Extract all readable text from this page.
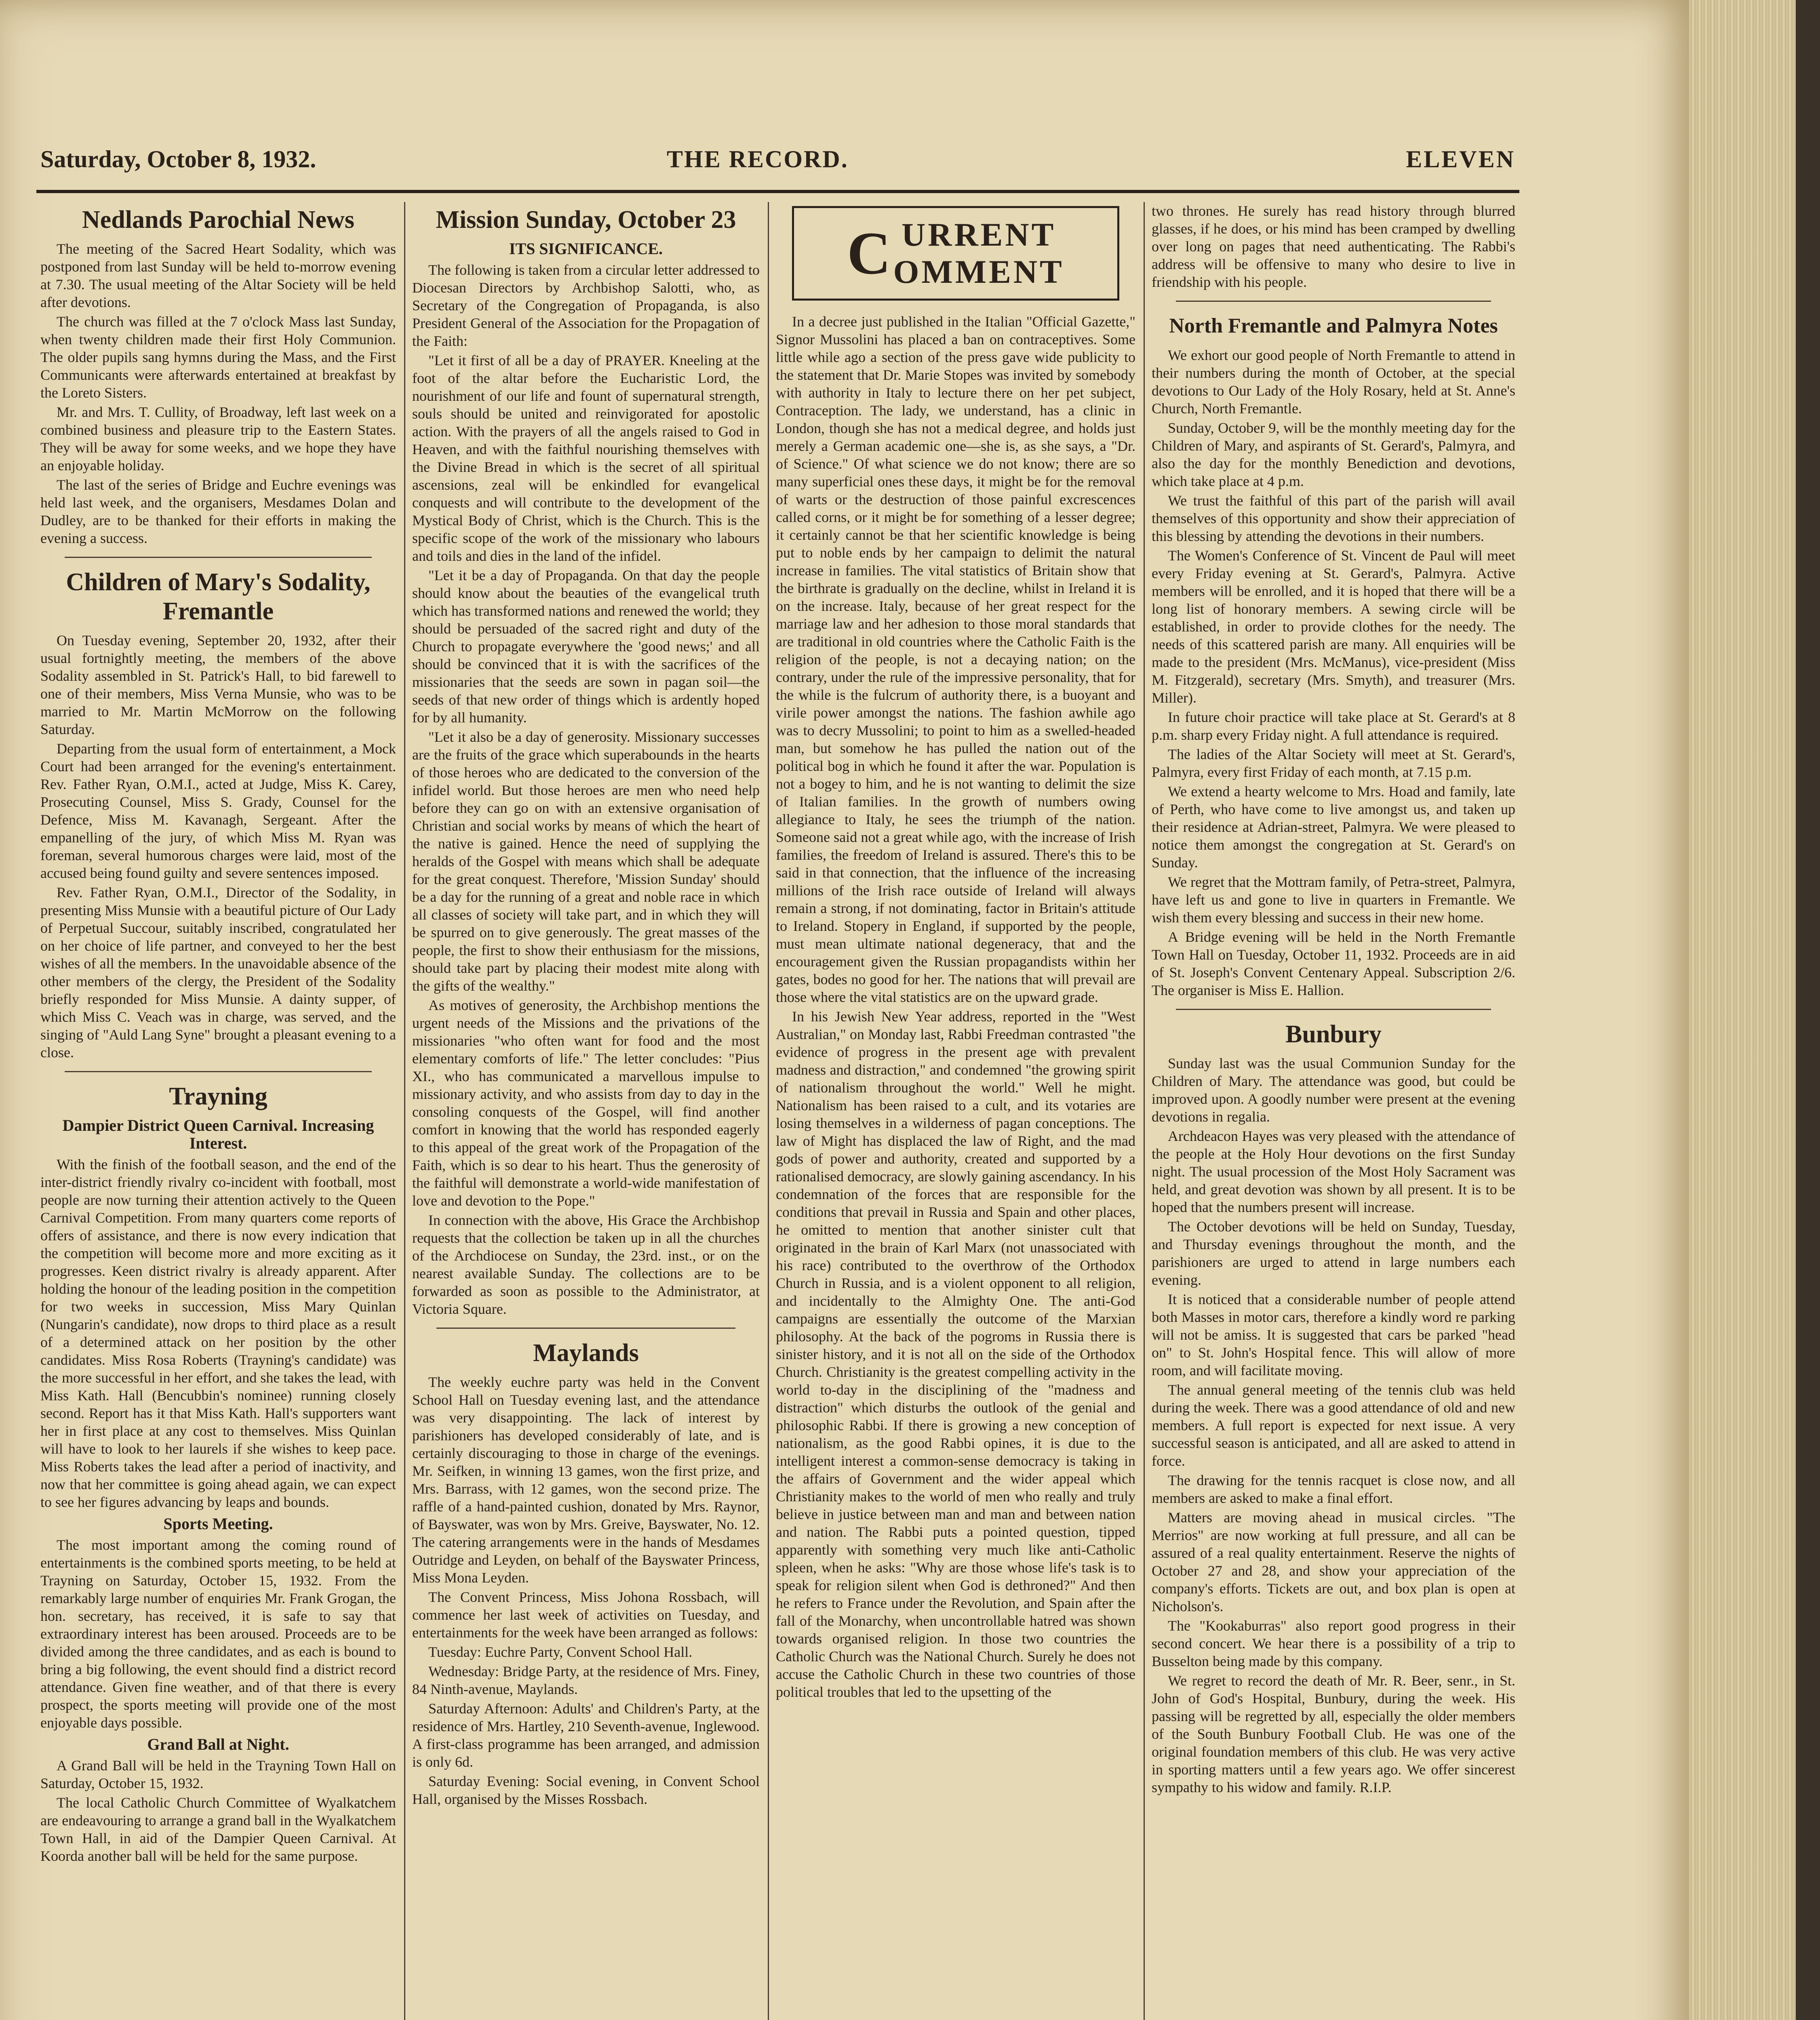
Saturday, October 8, 1932.	THE RECORD.	ELEVEN
Nedlands Parochial News

The meeting of the Sacred Heart Sodality, which was postponed from last Sunday will be held to-morrow evening at 7.30. The usual meeting of the Altar Society will be held after devotions.

The church was filled at the 7 o'clock Mass last Sunday, when twenty children made their first Holy Communion. The older pupils sang hymns during the Mass, and the First Communicants were afterwards entertained at breakfast by the Loreto Sisters.

Mr. and Mrs. T. Cullity, of Broadway, left last week on a combined business and pleasure trip to the Eastern States. They will be away for some weeks, and we hope they have an enjoyable holiday.

The last of the series of Bridge and Euchre evenings was held last week, and the organisers, Mesdames Dolan and Dudley, are to be thanked for their efforts in making the evening a success.

Children of Mary's Sodality, Fremantle

On Tuesday evening, September 20, 1932, after their usual fortnightly meeting, the members of the above Sodality assembled in St. Patrick's Hall, to bid farewell to one of their members, Miss Verna Munsie, who was to be married to Mr. Martin McMorrow on the following Saturday.

Departing from the usual form of entertainment, a Mock Court had been arranged for the evening's entertainment. Rev. Father Ryan, O.M.I., acted at Judge, Miss K. Carey, Prosecuting Counsel, Miss S. Grady, Counsel for the Defence, Miss M. Kavanagh, Sergeant. After the empanelling of the jury, of which Miss M. Ryan was foreman, several humorous charges were laid, most of the accused being found guilty and severe sentences imposed.

Rev. Father Ryan, O.M.I., Director of the Sodality, in presenting Miss Munsie with a beautiful picture of Our Lady of Perpetual Succour, suitably inscribed, congratulated her on her choice of life partner, and conveyed to her the best wishes of all the members. In the unavoidable absence of the other members of the clergy, the President of the Sodality briefly responded for Miss Munsie. A dainty supper, of which Miss C. Veach was in charge, was served, and the singing of "Auld Lang Syne" brought a pleasant evening to a close.

Trayning
Dampier District Queen Carnival. Increasing Interest.

With the finish of the football season, and the end of the inter-district friendly rivalry co-incident with football, most people are now turning their attention actively to the Queen Carnival Competition. From many quarters come reports of offers of assistance, and there is now every indication that the competition will become more and more exciting as it progresses. Keen district rivalry is already apparent. After holding the honour of the leading position in the competition for two weeks in succession, Miss Mary Quinlan (Nungarin's candidate), now drops to third place as a result of a determined attack on her position by the other candidates. Miss Rosa Roberts (Trayning's candidate) was the more successful in her effort, and she takes the lead, with Miss Kath. Hall (Bencubbin's nominee) running closely second. Report has it that Miss Kath. Hall's supporters want her in first place at any cost to themselves. Miss Quinlan will have to look to her laurels if she wishes to keep pace. Miss Roberts takes the lead after a period of inactivity, and now that her committee is going ahead again, we can expect to see her figures advancing by leaps and bounds.

Sports Meeting.

The most important among the coming round of entertainments is the combined sports meeting, to be held at Trayning on Saturday, October 15, 1932. From the remarkably large number of enquiries Mr. Frank Grogan, the hon. secretary, has received, it is safe to say that extraordinary interest has been aroused. Proceeds are to be divided among the three candidates, and as each is bound to bring a big following, the event should find a district record attendance. Given fine weather, and of that there is every prospect, the sports meeting will provide one of the most enjoyable days possible.

Grand Ball at Night.

A Grand Ball will be held in the Trayning Town Hall on Saturday, October 15, 1932.

The local Catholic Church Committee of Wyalkatchem are endeavouring to arrange a grand ball in the Wyalkatchem Town Hall, in aid of the Dampier Queen Carnival. At Koorda another ball will be held for the same purpose.

Mission Sunday, October 23
ITS SIGNIFICANCE.

The following is taken from a circular letter addressed to Diocesan Directors by Archbishop Salotti, who, as Secretary of the Congregation of Propaganda, is also President General of the Association for the Propagation of the Faith:

"Let it first of all be a day of PRAYER. Kneeling at the foot of the altar before the Eucharistic Lord, the nourishment of our life and fount of supernatural strength, souls should be united and reinvigorated for apostolic action. With the prayers of all the angels raised to God in Heaven, and with the faithful nourishing themselves with the Divine Bread in which is the secret of all spiritual ascensions, zeal will be enkindled for evangelical conquests and will contribute to the development of the Mystical Body of Christ, which is the Church. This is the specific scope of the work of the missionary who labours and toils and dies in the land of the infidel.

"Let it be a day of Propaganda. On that day the people should know about the beauties of the evangelical truth which has transformed nations and renewed the world; they should be persuaded of the sacred right and duty of the Church to propagate everywhere the 'good news;' and all should be convinced that it is with the sacrifices of the missionaries that the seeds are sown in pagan soil—the seeds of that new order of things which is ardently hoped for by all humanity.

"Let it also be a day of generosity. Missionary successes are the fruits of the grace which superabounds in the hearts of those heroes who are dedicated to the conversion of the infidel world. But those heroes are men who need help before they can go on with an extensive organisation of Christian and social works by means of which the heart of the native is gained. Hence the need of supplying the heralds of the Gospel with means which shall be adequate for the great conquest. Therefore, 'Mission Sunday' should be a day for the running of a great and noble race in which all classes of society will take part, and in which they will be spurred on to give generously. The great masses of the people, the first to show their enthusiasm for the missions, should take part by placing their modest mite along with the gifts of the wealthy."

As motives of generosity, the Archbishop mentions the urgent needs of the Missions and the privations of the missionaries "who often want for food and the most elementary comforts of life." The letter concludes: "Pius XI., who has communicated a marvellous impulse to missionary activity, and who assists from day to day in the consoling conquests of the Gospel, will find another comfort in knowing that the world has responded eagerly to this appeal of the great work of the Propagation of the Faith, which is so dear to his heart. Thus the generosity of the faithful will demonstrate a world-wide manifestation of love and devotion to the Pope."

In connection with the above, His Grace the Archbishop requests that the collection be taken up in all the churches of the Archdiocese on Sunday, the 23rd. inst., or on the nearest available Sunday. The collections are to be forwarded as soon as possible to the Administrator, at Victoria Square.

Maylands

The weekly euchre party was held in the Convent School Hall on Tuesday evening last, and the attendance was very disappointing. The lack of interest by parishioners has developed considerably of late, and is certainly discouraging to those in charge of the evenings. Mr. Seifken, in winning 13 games, won the first prize, and Mrs. Barrass, with 12 games, won the second prize. The raffle of a hand-painted cushion, donated by Mrs. Raynor, of Bayswater, was won by Mrs. Greive, Bayswater, No. 12. The catering arrangements were in the hands of Mesdames Outridge and Leyden, on behalf of the Bayswater Princess, Miss Mona Leyden.

The Convent Princess, Miss Johona Rossbach, will commence her last week of activities on Tuesday, and entertainments for the week have been arranged as follows:

Tuesday: Euchre Party, Convent School Hall.

Wednesday: Bridge Party, at the residence of Mrs. Finey, 84 Ninth-avenue, Maylands.

Saturday Afternoon: Adults' and Children's Party, at the residence of Mrs. Hartley, 210 Seventh-avenue, Inglewood. A first-class programme has been arranged, and admission is only 6d.

Saturday Evening: Social evening, in Convent School Hall, organised by the Misses Rossbach.

C URRENT
OMMENT

In a decree just published in the Italian "Official Gazette," Signor Mussolini has placed a ban on contraceptives. Some little while ago a section of the press gave wide publicity to the statement that Dr. Marie Stopes was invited by somebody with authority in Italy to lecture there on her pet subject, Contraception. The lady, we understand, has a clinic in London, though she has not a medical degree, and holds just merely a German academic one—she is, as she says, a "Dr. of Science." Of what science we do not know; there are so many superficial ones these days, it might be for the removal of warts or the destruction of those painful excrescences called corns, or it might be for something of a lesser degree; it certainly cannot be that her scientific knowledge is being put to noble ends by her campaign to delimit the natural increase in families. The vital statistics of Britain show that the birthrate is gradually on the decline, whilst in Ireland it is on the increase. Italy, because of her great respect for the marriage law and her adhesion to those moral standards that are traditional in old countries where the Catholic Faith is the religion of the people, is not a decaying nation; on the contrary, under the rule of the impressive personality, that for the while is the fulcrum of authority there, is a buoyant and virile power amongst the nations. The fashion awhile ago was to decry Mussolini; to point to him as a swelled-headed man, but somehow he has pulled the nation out of the political bog in which he found it after the war. Population is not a bogey to him, and he is not wanting to delimit the size of Italian families. In the growth of numbers owing allegiance to Italy, he sees the triumph of the nation. Someone said not a great while ago, with the increase of Irish families, the freedom of Ireland is assured. There's this to be said in that connection, that the influence of the increasing millions of the Irish race outside of Ireland will always remain a strong, if not dominating, factor in Britain's attitude to Ireland. Stopery in England, if supported by the people, must mean ultimate national degeneracy, that and the encouragement given the Russian propagandists within her gates, bodes no good for her. The nations that will prevail are those where the vital statistics are on the upward grade.

In his Jewish New Year address, reported in the "West Australian," on Monday last, Rabbi Freedman contrasted "the evidence of progress in the present age with prevalent madness and distraction," and condemned "the growing spirit of nationalism throughout the world." Well he might. Nationalism has been raised to a cult, and its votaries are losing themselves in a wilderness of pagan conceptions. The law of Might has displaced the law of Right, and the mad gods of power and authority, created and supported by a rationalised democracy, are slowly gaining ascendancy. In his condemnation of the forces that are responsible for the conditions that prevail in Russia and Spain and other places, he omitted to mention that another sinister cult that originated in the brain of Karl Marx (not unassociated with his race) contributed to the overthrow of the Orthodox Church in Russia, and is a violent opponent to all religion, and incidentally to the Almighty One. The anti-God campaigns are essentially the outcome of the Marxian philosophy. At the back of the pogroms in Russia there is sinister history, and it is not all on the side of the Orthodox Church. Christianity is the greatest compelling activity in the world to-day in the disciplining of the "madness and distraction" which disturbs the outlook of the genial and philosophic Rabbi. If there is growing a new conception of nationalism, as the good Rabbi opines, it is due to the intelligent interest a common-sense democracy is taking in the affairs of Government and the wider appeal which Christianity makes to the world of men who really and truly believe in justice between man and man and between nation and nation. The Rabbi puts a pointed question, tipped apparently with something very much like anti-Catholic spleen, when he asks: "Why are those whose life's task is to speak for religion silent when God is dethroned?" And then he refers to France under the Revolution, and Spain after the fall of the Monarchy, when uncontrollable hatred was shown towards organised religion. In those two countries the Catholic Church was the National Church. Surely he does not accuse the Catholic Church in these two countries of those political troubles that led to the upsetting of the

two thrones. He surely has read history through blurred glasses, if he does, or his mind has been cramped by dwelling over long on pages that need authenticating. The Rabbi's address will be offensive to many who desire to live in friendship with his people.

North Fremantle and Palmyra Notes

We exhort our good people of North Fremantle to attend in their numbers during the month of October, at the special devotions to Our Lady of the Holy Rosary, held at St. Anne's Church, North Fremantle.

Sunday, October 9, will be the monthly meeting day for the Children of Mary, and aspirants of St. Gerard's, Palmyra, and also the day for the monthly Benediction and devotions, which take place at 4 p.m.

We trust the faithful of this part of the parish will avail themselves of this opportunity and show their appreciation of this blessing by attending the devotions in their numbers.

The Women's Conference of St. Vincent de Paul will meet every Friday evening at St. Gerard's, Palmyra. Active members will be enrolled, and it is hoped that there will be a long list of honorary members. A sewing circle will be established, in order to provide clothes for the needy. The needs of this scattered parish are many. All enquiries will be made to the president (Mrs. McManus), vice-president (Miss M. Fitzgerald), secretary (Mrs. Smyth), and treasurer (Mrs. Miller).

In future choir practice will take place at St. Gerard's at 8 p.m. sharp every Friday night. A full attendance is required.

The ladies of the Altar Society will meet at St. Gerard's, Palmyra, every first Friday of each month, at 7.15 p.m.

We extend a hearty welcome to Mrs. Hoad and family, late of Perth, who have come to live amongst us, and taken up their residence at Adrian-street, Palmyra. We were pleased to notice them amongst the congregation at St. Gerard's on Sunday.

We regret that the Mottram family, of Petra-street, Palmyra, have left us and gone to live in quarters in Fremantle. We wish them every blessing and success in their new home.

A Bridge evening will be held in the North Fremantle Town Hall on Tuesday, October 11, 1932. Proceeds are in aid of St. Joseph's Convent Centenary Appeal. Subscription 2/6. The organiser is Miss E. Hallion.

Bunbury

Sunday last was the usual Communion Sunday for the Children of Mary. The attendance was good, but could be improved upon. A goodly number were present at the evening devotions in regalia.

Archdeacon Hayes was very pleased with the attendance of the people at the Holy Hour devotions on the first Sunday night. The usual procession of the Most Holy Sacrament was held, and great devotion was shown by all present. It is to be hoped that the numbers present will increase.

The October devotions will be held on Sunday, Tuesday, and Thursday evenings throughout the month, and the parishioners are urged to attend in large numbers each evening.

It is noticed that a considerable number of people attend both Masses in motor cars, therefore a kindly word re parking will not be amiss. It is suggested that cars be parked "head on" to St. John's Hospital fence. This will allow of more room, and will facilitate moving.

The annual general meeting of the tennis club was held during the week. There was a good attendance of old and new members. A full report is expected for next issue. A very successful season is anticipated, and all are asked to attend in force.

The drawing for the tennis racquet is close now, and all members are asked to make a final effort.

Matters are moving ahead in musical circles. "The Merrios" are now working at full pressure, and all can be assured of a real quality entertainment. Reserve the nights of October 27 and 28, and show your appreciation of the company's efforts. Tickets are out, and box plan is open at Nicholson's.

The "Kookaburras" also report good progress in their second concert. We hear there is a possibility of a trip to Busselton being made by this company.

We regret to record the death of Mr. R. Beer, senr., in St. John of God's Hospital, Bunbury, during the week. His passing will be regretted by all, especially the older members of the South Bunbury Football Club. He was one of the original foundation members of this club. He was very active in sporting matters until a few years ago. We offer sincerest sympathy to his widow and family. R.I.P.
